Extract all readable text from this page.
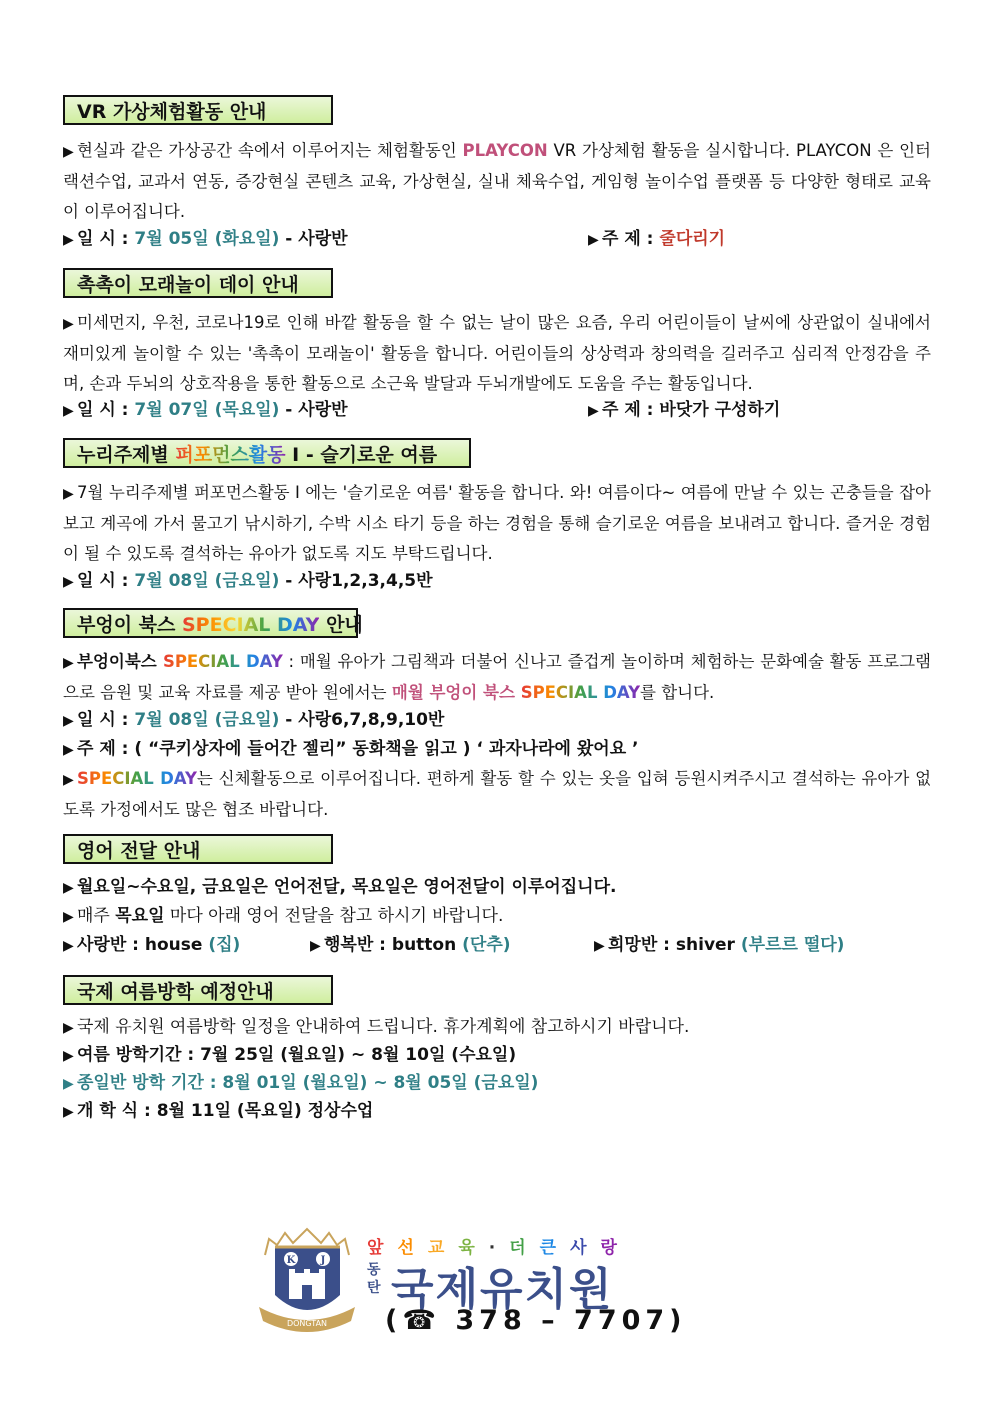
VR 가상체험활동 안내
▶ 현실과 같은 가상공간 속에서 이루어지는 체험활동인 PLAYCON VR 가상체험 활동을 실시합니다. PLAYCON 은 인터랙션수업, 교과서 연동, 증강현실 콘텐츠 교육, 가상현실, 실내 체육수업, 게임형 놀이수업 플랫폼 등 다양한 형태로 교육이 이루어집니다.
▶ 일 시 : 7월 05일 (화요일) - 사랑반	▶ 주 제 : 줄다리기
촉촉이 모래놀이 데이 안내
▶ 미세먼지, 우천, 코로나19로 인해 바깥 활동을 할 수 없는 날이 많은 요즘, 우리 어린이들이 날씨에 상관없이 실내에서 재미있게 놀이할 수 있는 '촉촉이 모래놀이' 활동을 합니다. 어린이들의 상상력과 창의력을 길러주고 심리적 안정감을 주며, 손과 두뇌의 상호작용을 통한 활동으로 소근육 발달과 두뇌개발에도 도움을 주는 활동입니다.
▶ 일 시 : 7월 07일 (목요일) - 사랑반	▶ 주 제 : 바닷가 구성하기
누리주제별 퍼포먼스활동 I - 슬기로운 여름
▶ 7월 누리주제별 퍼포먼스활동 I 에는 '슬기로운 여름' 활동을 합니다. 와! 여름이다~ 여름에 만날 수 있는 곤충들을 잡아보고 계곡에 가서 물고기 낚시하기, 수박 시소 타기 등을 하는 경험을 통해 슬기로운 여름을 보내려고 합니다. 즐거운 경험이 될 수 있도록 결석하는 유아가 없도록 지도 부탁드립니다.
▶ 일 시 : 7월 08일 (금요일) - 사랑1,2,3,4,5반
부엉이 북스 SPECIAL DAY 안내
▶ 부엉이북스 SPECIAL DAY : 매월 유아가 그림책과 더불어 신나고 즐겁게 놀이하며 체험하는 문화예술 활동 프로그램으로 음원 및 교육 자료를 제공 받아 원에서는 매월 부엉이 북스 SPECIAL DAY를 합니다.
▶ 일 시 : 7월 08일 (금요일) - 사랑6,7,8,9,10반
▶ 주 제 : ( “쿠키상자에 들어간 젤리” 동화책을 읽고 ) ‘ 과자나라에 왔어요 ’
▶ SPECIAL DAY는 신체활동으로 이루어집니다. 편하게 활동 할 수 있는 옷을 입혀 등원시켜주시고 결석하는 유아가 없도록 가정에서도 많은 협조 바랍니다.
영어 전달 안내
▶ 월요일~수요일, 금요일은 언어전달, 목요일은 영어전달이 이루어집니다.
▶ 매주 목요일 마다 아래 영어 전달을 참고 하시기 바랍니다.
▶ 사랑반 : house (집)	▶ 행복반 : button (단추)	▶ 희망반 : shiver (부르르 떨다)
국제 여름방학 예정안내
▶ 국제 유치원 여름방학 일정을 안내하여 드립니다. 휴가계획에 참고하시기 바랍니다.
▶ 여름 방학기간 : 7월 25일 (월요일) ~ 8월 10일 (수요일)
▶ 종일반 방학 기간 : 8월 01일 (월요일) ~ 8월 05일 (금요일)
▶ 개 학 식 : 8월 11일 (목요일) 정상수업
K	J
DONGTAN
앞선교육·더큰사랑
동
탄 국제유치원
(☎ 378 – 7707)
